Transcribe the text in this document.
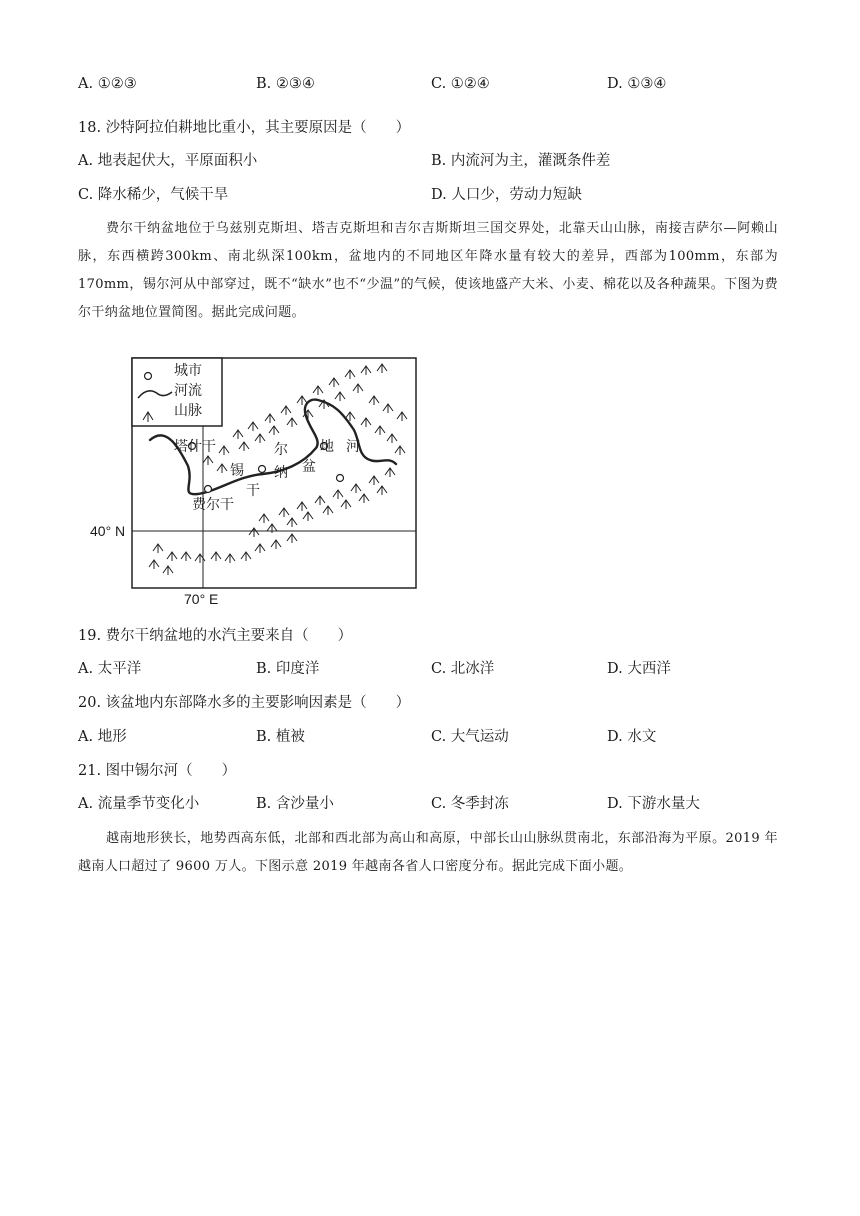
A. ①②③	B. ②③④	C. ①②④	D. ①③④
18. 沙特阿拉伯耕地比重小，其主要原因是（　　）
A. 地表起伏大，平原面积小	B. 内流河为主，灌溉条件差
C. 降水稀少，气候干旱	D. 人口少，劳动力短缺

费尔干纳盆地位于乌兹别克斯坦、塔吉克斯坦和吉尔吉斯斯坦三国交界处，北靠天山山脉，南接吉萨尔—阿赖山脉，东西横跨300km、南北纵深100km，盆地内的不同地区年降水量有较大的差异，西部为100mm，东部为170mm，锡尔河从中部穿过，既不“缺水”也不“少温”的气候，使该地盛产大米、小麦、棉花以及各种蔬果。下图为费尔干纳盆地位置简图。据此完成问题。

塔什干
锡
费尔干
干
纳
尔
盆
地 河
城市
河流
山脉
40° N
70° E
19. 费尔干纳盆地的水汽主要来自（　　）
A. 太平洋	B. 印度洋	C. 北冰洋	D. 大西洋
20. 该盆地内东部降水多的主要影响因素是（　　）
A. 地形	B. 植被	C. 大气运动	D. 水文
21. 图中锡尔河（　　）
A. 流量季节变化小	B. 含沙量小	C. 冬季封冻	D. 下游水量大

越南地形狭长，地势西高东低，北部和西北部为高山和高原，中部长山山脉纵贯南北，东部沿海为平原。2019 年越南人口超过了 9600 万人。下图示意 2019 年越南各省人口密度分布。据此完成下面小题。
